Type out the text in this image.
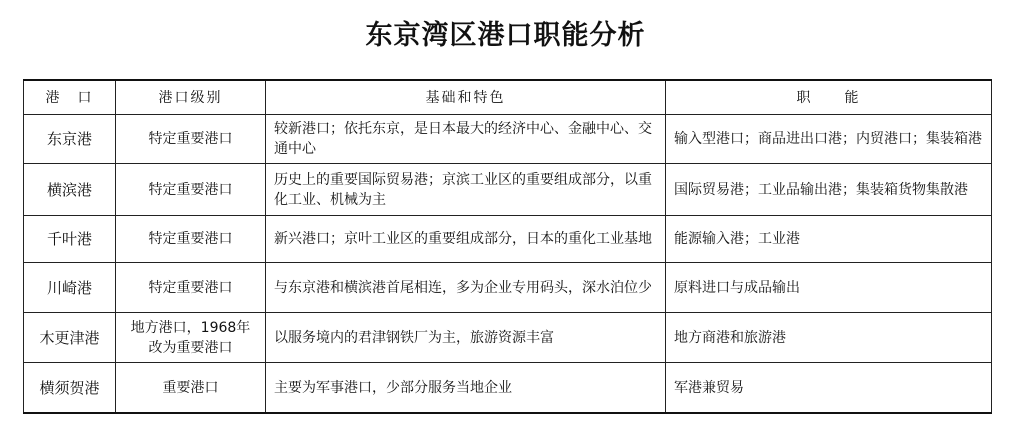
东京湾区港口职能分析
港　口	港口级别	基础和特色	职　　能
东京港	特定重要港口	较新港口；依托东京，是日本最大的经济中心、金融中心、交通中心	输入型港口；商品进出口港；内贸港口；集装箱港
横滨港	特定重要港口	历史上的重要国际贸易港；京滨工业区的重要组成部分，以重化工业、机械为主	国际贸易港；工业品输出港；集装箱货物集散港
千叶港	特定重要港口	新兴港口；京叶工业区的重要组成部分，日本的重化工业基地	能源输入港；工业港
川崎港	特定重要港口	与东京港和横滨港首尾相连，多为企业专用码头，深水泊位少	原料进口与成品输出
木更津港	地方港口，1968年改为重要港口	以服务境内的君津钢铁厂为主，旅游资源丰富	地方商港和旅游港
横须贺港	重要港口	主要为军事港口，少部分服务当地企业	军港兼贸易
